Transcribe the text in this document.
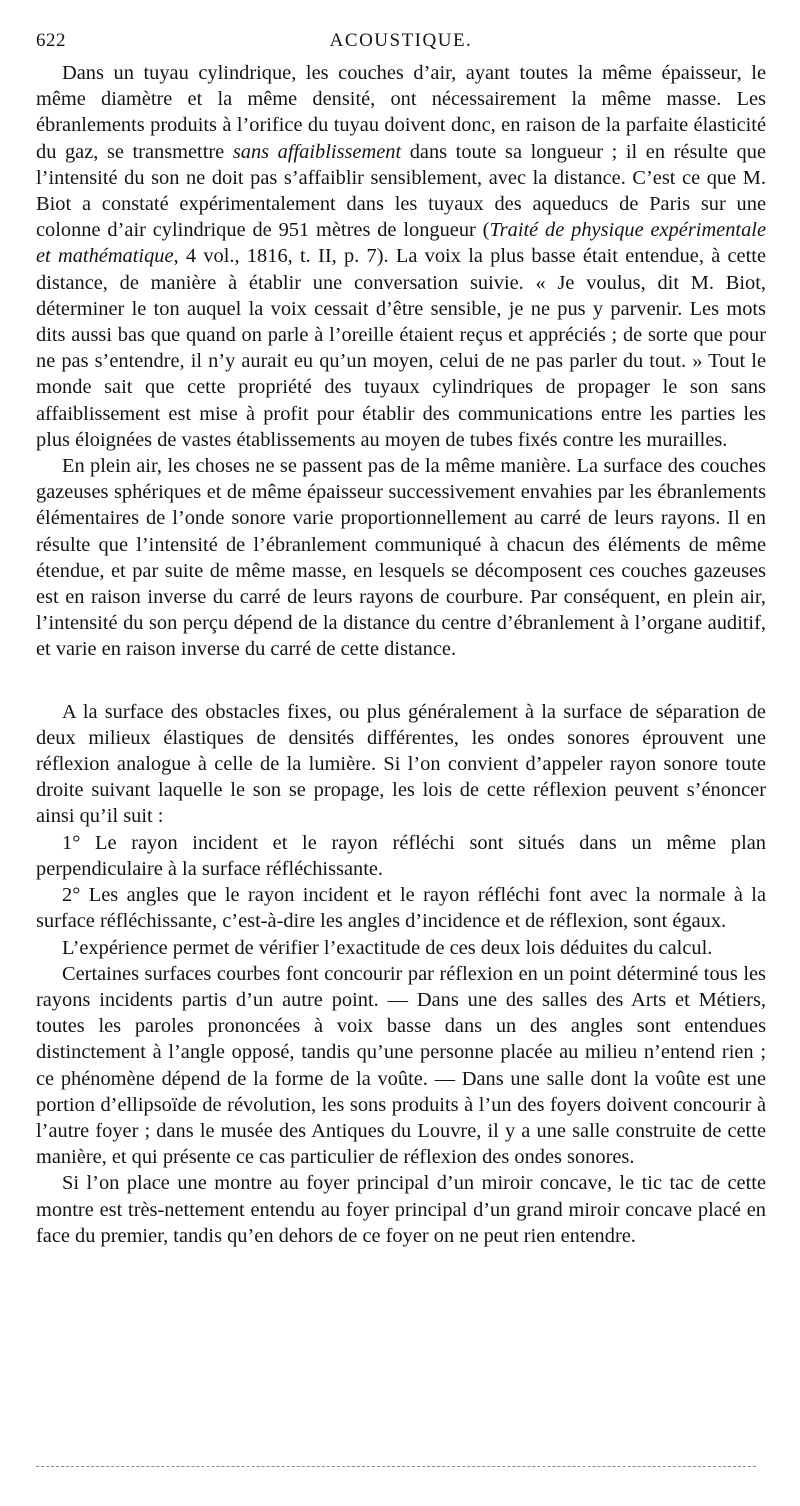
622	ACOUSTIQUE.

Dans un tuyau cylindrique, les couches d’air, ayant toutes la même épaisseur, le même diamètre et la même densité, ont nécessairement la même masse. Les ébranlements produits à l’orifice du tuyau doivent donc, en raison de la parfaite élasticité du gaz, se transmettre sans affaiblissement dans toute sa longueur ; il en résulte que l’intensité du son ne doit pas s’affaiblir sensiblement, avec la distance. C’est ce que M. Biot a constaté expérimentalement dans les tuyaux des aqueducs de Paris sur une colonne d’air cylindrique de 951 mètres de longueur (Traité de physique expérimentale et mathématique, 4 vol., 1816, t. II, p. 7). La voix la plus basse était entendue, à cette distance, de manière à établir une conversation suivie. « Je voulus, dit M. Biot, déterminer le ton auquel la voix cessait d’être sensible, je ne pus y parvenir. Les mots dits aussi bas que quand on parle à l’oreille étaient reçus et appréciés ; de sorte que pour ne pas s’entendre, il n’y aurait eu qu’un moyen, celui de ne pas parler du tout. » Tout le monde sait que cette propriété des tuyaux cylindriques de propager le son sans affaiblissement est mise à profit pour établir des communications entre les parties les plus éloignées de vastes établissements au moyen de tubes fixés contre les murailles.

En plein air, les choses ne se passent pas de la même manière. La surface des couches gazeuses sphériques et de même épaisseur successivement envahies par les ébranlements élémentaires de l’onde sonore varie proportionnellement au carré de leurs rayons. Il en résulte que l’intensité de l’ébranlement communiqué à chacun des éléments de même étendue, et par suite de même masse, en lesquels se décomposent ces couches gazeuses est en raison inverse du carré de leurs rayons de courbure. Par conséquent, en plein air, l’intensité du son perçu dépend de la distance du centre d’ébranlement à l’organe auditif, et varie en raison inverse du carré de cette distance.

A la surface des obstacles fixes, ou plus généralement à la surface de séparation de deux milieux élastiques de densités différentes, les ondes sonores éprouvent une réflexion analogue à celle de la lumière. Si l’on convient d’appeler rayon sonore toute droite suivant laquelle le son se propage, les lois de cette réflexion peuvent s’énoncer ainsi qu’il suit :

1° Le rayon incident et le rayon réfléchi sont situés dans un même plan perpendiculaire à la surface réfléchissante.

2° Les angles que le rayon incident et le rayon réfléchi font avec la normale à la surface réfléchissante, c’est-à-dire les angles d’incidence et de réflexion, sont égaux.

L’expérience permet de vérifier l’exactitude de ces deux lois déduites du calcul.

Certaines surfaces courbes font concourir par réflexion en un point déterminé tous les rayons incidents partis d’un autre point. — Dans une des salles des Arts et Métiers, toutes les paroles prononcées à voix basse dans un des angles sont entendues distinctement à l’angle opposé, tandis qu’une personne placée au milieu n’entend rien ; ce phénomène dépend de la forme de la voûte. — Dans une salle dont la voûte est une portion d’ellipsoïde de révolution, les sons produits à l’un des foyers doivent concourir à l’autre foyer ; dans le musée des Antiques du Louvre, il y a une salle construite de cette manière, et qui présente ce cas particulier de réflexion des ondes sonores.

Si l’on place une montre au foyer principal d’un miroir concave, le tic tac de cette montre est très-nettement entendu au foyer principal d’un grand miroir concave placé en face du premier, tandis qu’en dehors de ce foyer on ne peut rien entendre.
